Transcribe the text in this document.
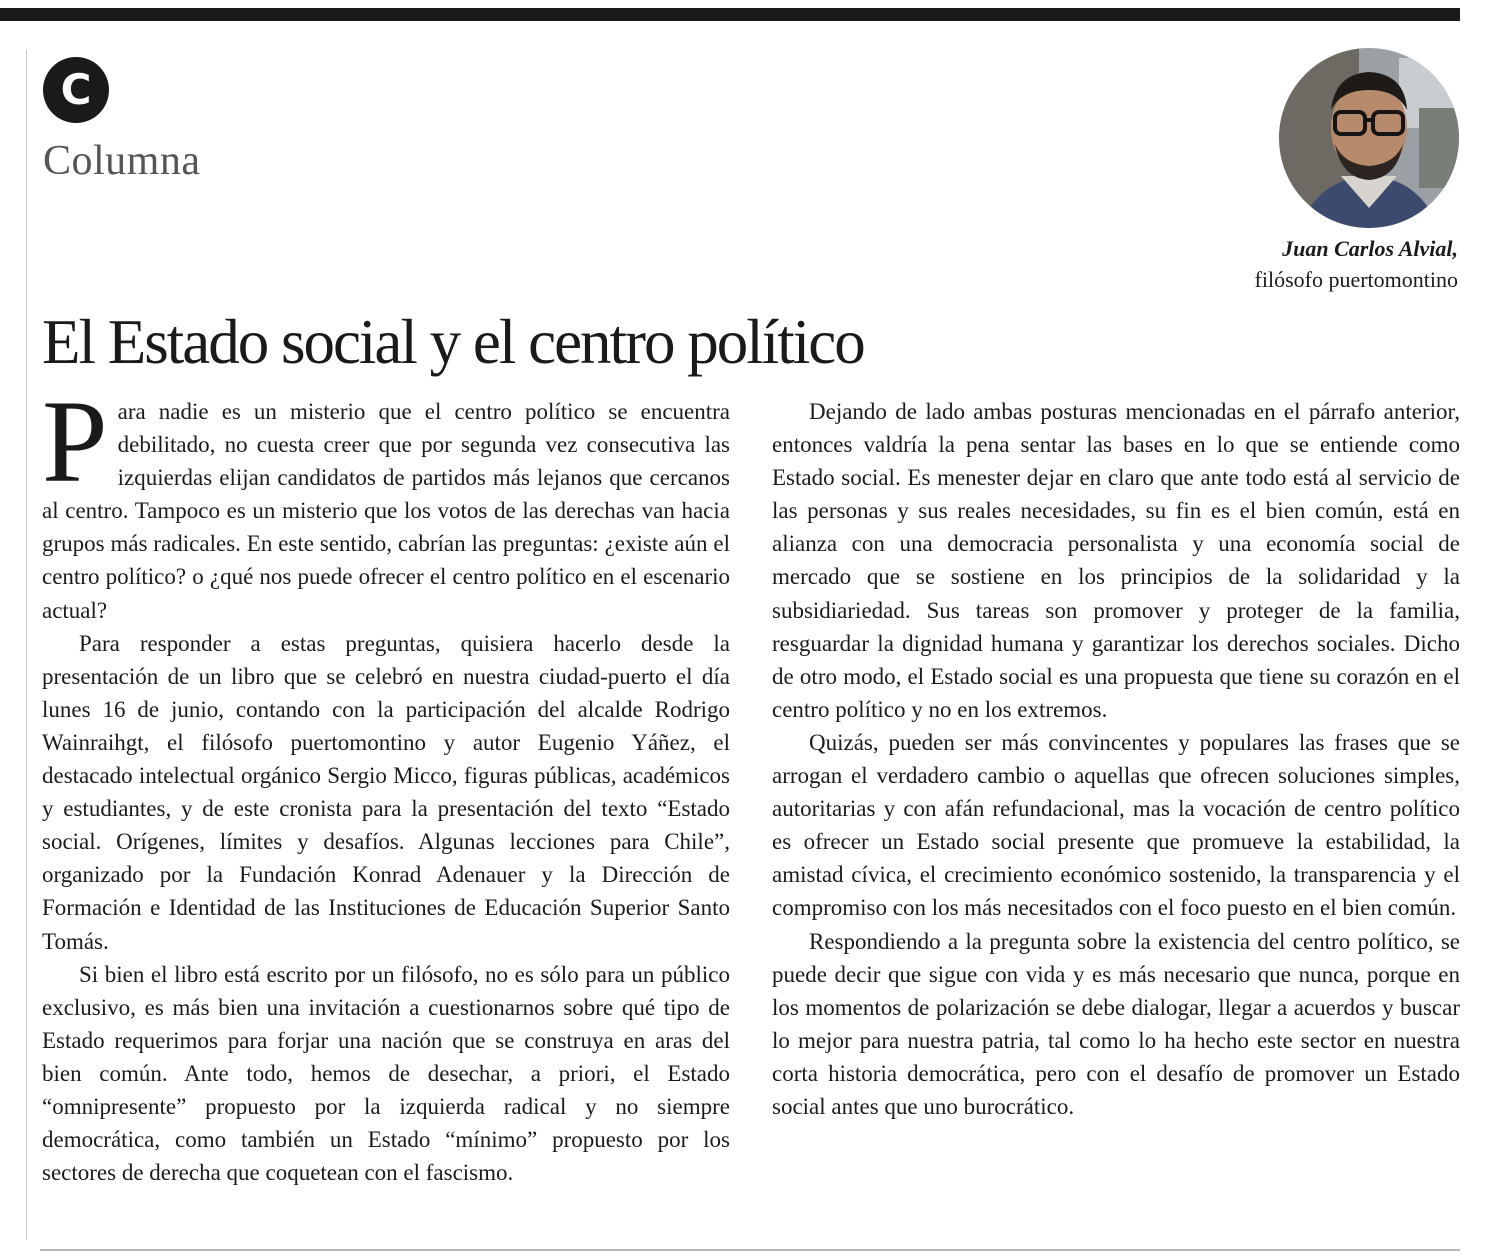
C
Columna
Juan Carlos Alvial,
filósofo puertomontino
El Estado social y el centro político

Para nadie es un misterio que el centro político se encuentra debilitado, no cuesta creer que por segunda vez consecutiva las izquierdas elijan candidatos de partidos más lejanos que cercanos al centro. Tampoco es un misterio que los votos de las derechas van hacia grupos más radicales. En este sentido, cabrían las preguntas: ¿existe aún el centro político? o ¿qué nos puede ofrecer el centro político en el escenario actual?

Para responder a estas preguntas, quisiera hacerlo desde la presentación de un libro que se celebró en nuestra ciudad-puerto el día lunes 16 de junio, contando con la participación del alcalde Rodrigo Wainraihgt, el filósofo puertomontino y autor Eugenio Yáñez, el destacado intelectual orgánico Sergio Micco, figuras públicas, académicos y estudiantes, y de este cronista para la presentación del texto “Estado social. Orígenes, límites y desafíos. Algunas lecciones para Chile”, organizado por la Fundación Konrad Adenauer y la Dirección de Formación e Identidad de las Instituciones de Educación Superior Santo Tomás.

Si bien el libro está escrito por un filósofo, no es sólo para un público exclusivo, es más bien una invitación a cuestionarnos sobre qué tipo de Estado requerimos para forjar una nación que se construya en aras del bien común. Ante todo, hemos de desechar, a priori, el Estado “omnipresente” propuesto por la izquierda radical y no siempre democrática, como también un Estado “mínimo” propuesto por los sectores de derecha que coquetean con el fascismo.

Dejando de lado ambas posturas mencionadas en el párrafo anterior, entonces valdría la pena sentar las bases en lo que se entiende como Estado social. Es menester dejar en claro que ante todo está al servicio de las personas y sus reales necesidades, su fin es el bien común, está en alianza con una democracia personalista y una economía social de mercado que se sostiene en los principios de la solidaridad y la subsidiariedad. Sus tareas son promover y proteger de la familia, resguardar la dignidad humana y garantizar los derechos sociales. Dicho de otro modo, el Estado social es una propuesta que tiene su corazón en el centro político y no en los extremos.

Quizás, pueden ser más convincentes y populares las frases que se arrogan el verdadero cambio o aquellas que ofrecen soluciones simples, autoritarias y con afán refundacional, mas la vocación de centro político es ofrecer un Estado social presente que promueve la estabilidad, la amistad cívica, el crecimiento económico sostenido, la transparencia y el compromiso con los más necesitados con el foco puesto en el bien común.

Respondiendo a la pregunta sobre la existencia del centro político, se puede decir que sigue con vida y es más necesario que nunca, porque en los momentos de polarización se debe dialogar, llegar a acuerdos y buscar lo mejor para nuestra patria, tal como lo ha hecho este sector en nuestra corta historia democrática, pero con el desafío de promover un Estado social antes que uno burocrático.
